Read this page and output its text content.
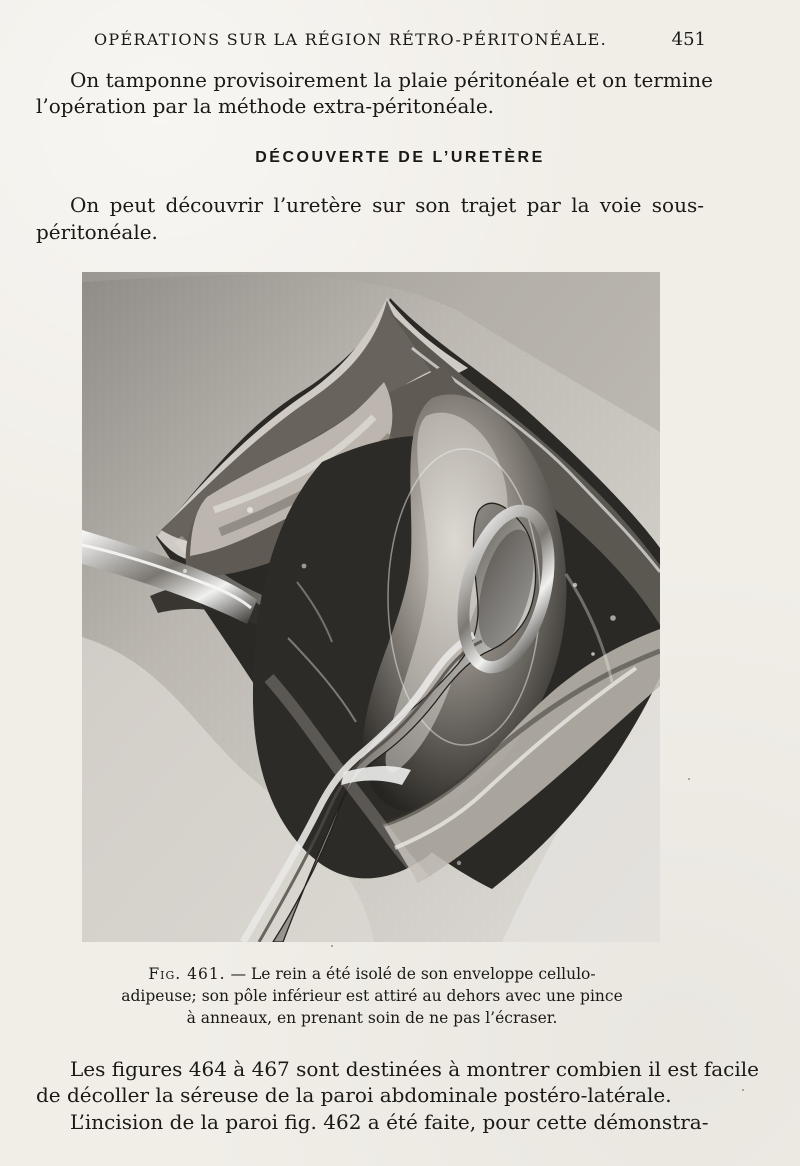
OPÉRATIONS SUR LA RÉGION RÉTRO-PÉRITONÉALE.	451
On tamponne provisoirement la plaie péritonéale et on termine
l’opération par la méthode extra-péritonéale.
DÉCOUVERTE DE L’URETÈRE
On peut découvrir l’uretère sur son trajet par la voie sous-
péritonéale.
Fig. 461. — Le rein a été isolé de son enveloppe cellulo-
adipeuse; son pôle inférieur est attiré au dehors avec une pince
à anneaux, en prenant soin de ne pas l’écraser.
Les figures 464 à 467 sont destinées à montrer combien il est facile
de décoller la séreuse de la paroi abdominale postéro-latérale.
L’incision de la paroi fig. 462 a été faite, pour cette démonstra-
